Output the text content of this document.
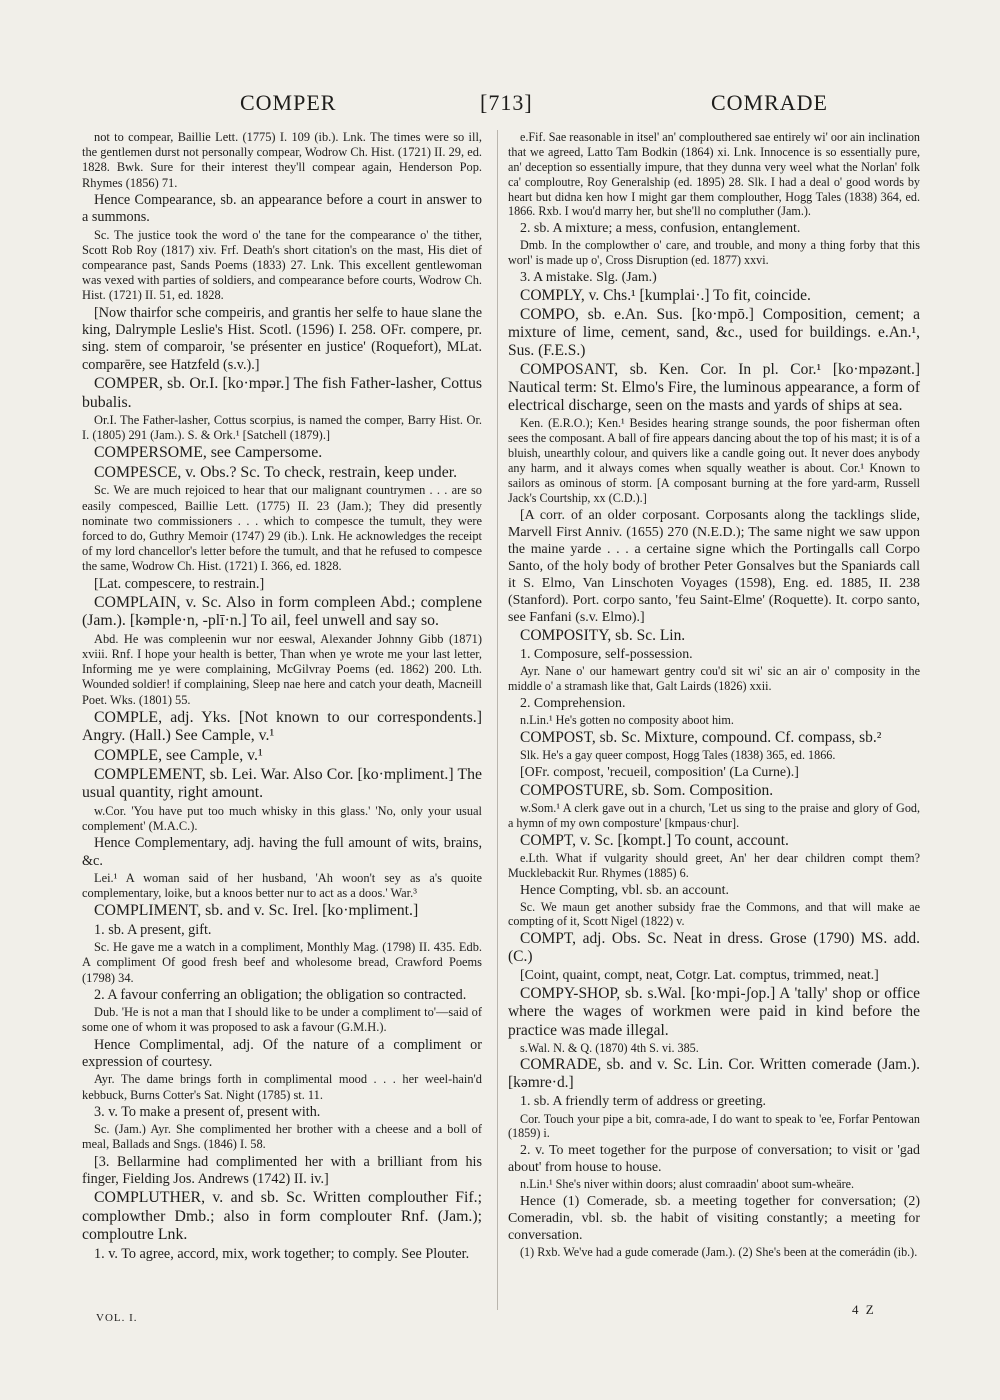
COMPER	[713]	COMRADE

not to compear, Baillie Lett. (1775) I. 109 (ib.). Lnk. The times were so ill, the gentlemen durst not personally compear, Wodrow Ch. Hist. (1721) II. 29, ed. 1828. Bwk. Sure for their interest they'll compear again, Henderson Pop. Rhymes (1856) 71.

Hence Compearance, sb. an appearance before a court in answer to a summons.

Sc. The justice took the word o' the tane for the compearance o' the tither, Scott Rob Roy (1817) xiv. Frf. Death's short citation's on the mast, His diet of compearance past, Sands Poems (1833) 27. Lnk. This excellent gentlewoman was vexed with parties of soldiers, and compearance before courts, Wodrow Ch. Hist. (1721) II. 51, ed. 1828.

[Now thairfor sche compeiris, and grantis her selfe to haue slane the king, Dalrymple Leslie's Hist. Scotl. (1596) I. 258. OFr. compere, pr. sing. stem of comparoir, 'se présenter en justice' (Roquefort), MLat. comparēre, see Hatzfeld (s.v.).]

COMPER, sb. Or.I. [ko·mpər.] The fish Father-lasher, Cottus bubalis.

Or.I. The Father-lasher, Cottus scorpius, is named the comper, Barry Hist. Or. I. (1805) 291 (Jam.). S. & Ork.¹ [Satchell (1879).]

COMPERSOME, see Campersome.

COMPESCE, v. Obs.? Sc. To check, restrain, keep under.

Sc. We are much rejoiced to hear that our malignant countrymen . . . are so easily compesced, Baillie Lett. (1775) II. 23 (Jam.); They did presently nominate two commissioners . . . which to compesce the tumult, they were forced to do, Guthry Memoir (1747) 29 (ib.). Lnk. He acknowledges the receipt of my lord chancellor's letter before the tumult, and that he refused to compesce the same, Wodrow Ch. Hist. (1721) I. 366, ed. 1828.

[Lat. compescere, to restrain.]

COMPLAIN, v. Sc. Also in form compleen Abd.; complene (Jam.). [kəmple·n, -plī·n.] To ail, feel unwell and say so.

Abd. He was compleenin wur nor eeswal, Alexander Johnny Gibb (1871) xviii. Rnf. I hope your health is better, Than when ye wrote me your last letter, Informing me ye were complaining, McGilvray Poems (ed. 1862) 200. Lth. Wounded soldier! if complaining, Sleep nae here and catch your death, Macneill Poet. Wks. (1801) 55.

COMPLE, adj. Yks. [Not known to our correspondents.] Angry. (Hall.) See Cample, v.¹

COMPLE, see Cample, v.¹

COMPLEMENT, sb. Lei. War. Also Cor. [ko·mpliment.] The usual quantity, right amount.

w.Cor. 'You have put too much whisky in this glass.' 'No, only your usual complement' (M.A.C.).

Hence Complementary, adj. having the full amount of wits, brains, &c.

Lei.¹ A woman said of her husband, 'Ah woon't sey as a's quoite complementary, loike, but a knoos better nur to act as a doos.' War.³

COMPLIMENT, sb. and v. Sc. Irel. [ko·mpliment.]

1. sb. A present, gift.

Sc. He gave me a watch in a compliment, Monthly Mag. (1798) II. 435. Edb. A compliment Of good fresh beef and wholesome bread, Crawford Poems (1798) 34.

2. A favour conferring an obligation; the obligation so contracted.

Dub. 'He is not a man that I should like to be under a compliment to'—said of some one of whom it was proposed to ask a favour (G.M.H.).

Hence Complimental, adj. Of the nature of a compliment or expression of courtesy.

Ayr. The dame brings forth in complimental mood . . . her weel-hain'd kebbuck, Burns Cotter's Sat. Night (1785) st. 11.

3. v. To make a present of, present with.

Sc. (Jam.) Ayr. She complimented her brother with a cheese and a boll of meal, Ballads and Sngs. (1846) I. 58.

[3. Bellarmine had complimented her with a brilliant from his finger, Fielding Jos. Andrews (1742) II. iv.]

COMPLUTHER, v. and sb. Sc. Written complouther Fif.; complowther Dmb.; also in form complouter Rnf. (Jam.); comploutre Lnk.

1. v. To agree, accord, mix, work together; to comply. See Plouter.

e.Fif. Sae reasonable in itsel' an' complouthered sae entirely wi' oor ain inclination that we agreed, Latto Tam Bodkin (1864) xi. Lnk. Innocence is so essentially pure, an' deception so essentially impure, that they dunna very weel what the Norlan' folk ca' comploutre, Roy Generalship (ed. 1895) 28. Slk. I had a deal o' good words by heart but didna ken how I might gar them complouther, Hogg Tales (1838) 364, ed. 1866. Rxb. I wou'd marry her, but she'll no compluther (Jam.).

2. sb. A mixture; a mess, confusion, entanglement.

Dmb. In the complowther o' care, and trouble, and mony a thing forby that this worl' is made up o', Cross Disruption (ed. 1877) xxvi.

3. A mistake. Slg. (Jam.)

COMPLY, v. Chs.¹ [kumplai·.] To fit, coincide.

COMPO, sb. e.An. Sus. [ko·mpō.] Composition, cement; a mixture of lime, cement, sand, &c., used for buildings. e.An.¹, Sus. (F.E.S.)

COMPOSANT, sb. Ken. Cor. In pl. Cor.¹ [ko·mpəzənt.] Nautical term: St. Elmo's Fire, the luminous appearance, a form of electrical discharge, seen on the masts and yards of ships at sea.

Ken. (E.R.O.); Ken.¹ Besides hearing strange sounds, the poor fisherman often sees the composant. A ball of fire appears dancing about the top of his mast; it is of a bluish, unearthly colour, and quivers like a candle going out. It never does anybody any harm, and it always comes when squally weather is about. Cor.¹ Known to sailors as ominous of storm. [A composant burning at the fore yard-arm, Russell Jack's Courtship, xx (C.D.).]

[A corr. of an older corposant. Corposants along the tacklings slide, Marvell First Anniv. (1655) 270 (N.E.D.); The same night we saw uppon the maine yarde . . . a certaine signe which the Portingalls call Corpo Santo, of the holy body of brother Peter Gonsalves but the Spaniards call it S. Elmo, Van Linschoten Voyages (1598), Eng. ed. 1885, II. 238 (Stanford). Port. corpo santo, 'feu Saint-Elme' (Roquette). It. corpo santo, see Fanfani (s.v. Elmo).]

COMPOSITY, sb. Sc. Lin.

1. Composure, self-possession.

Ayr. Nane o' our hamewart gentry cou'd sit wi' sic an air o' composity in the middle o' a stramash like that, Galt Lairds (1826) xxii.

2. Comprehension.

n.Lin.¹ He's gotten no composity aboot him.

COMPOST, sb. Sc. Mixture, compound. Cf. compass, sb.²

Slk. He's a gay queer compost, Hogg Tales (1838) 365, ed. 1866.

[OFr. compost, 'recueil, composition' (La Curne).]

COMPOSTURE, sb. Som. Composition.

w.Som.¹ A clerk gave out in a church, 'Let us sing to the praise and glory of God, a hymn of my own composture' [kmpaus·chur].

COMPT, v. Sc. [kompt.] To count, account.

e.Lth. What if vulgarity should greet, An' her dear children compt them? Mucklebackit Rur. Rhymes (1885) 6.

Hence Compting, vbl. sb. an account.

Sc. We maun get another subsidy frae the Commons, and that will make ae compting of it, Scott Nigel (1822) v.

COMPT, adj. Obs. Sc. Neat in dress. Grose (1790) MS. add. (C.)

[Coint, quaint, compt, neat, Cotgr. Lat. comptus, trimmed, neat.]

COMPY-SHOP, sb. s.Wal. [ko·mpi-ʃop.] A 'tally' shop or office where the wages of workmen were paid in kind before the practice was made illegal.

s.Wal. N. & Q. (1870) 4th S. vi. 385.

COMRADE, sb. and v. Sc. Lin. Cor. Written comerade (Jam.). [kəmre·d.]

1. sb. A friendly term of address or greeting.

Cor. Touch your pipe a bit, comra-ade, I do want to speak to 'ee, Forfar Pentowan (1859) i.

2. v. To meet together for the purpose of conversation; to visit or 'gad about' from house to house.

n.Lin.¹ She's niver within doors; alust comraadin' aboot sum-wheäre.

Hence (1) Comerade, sb. a meeting together for conversation; (2) Comeradin, vbl. sb. the habit of visiting constantly; a meeting for conversation.

(1) Rxb. We've had a gude comerade (Jam.). (2) She's been at the comerádin (ib.).

VOL. I.
4 Z
